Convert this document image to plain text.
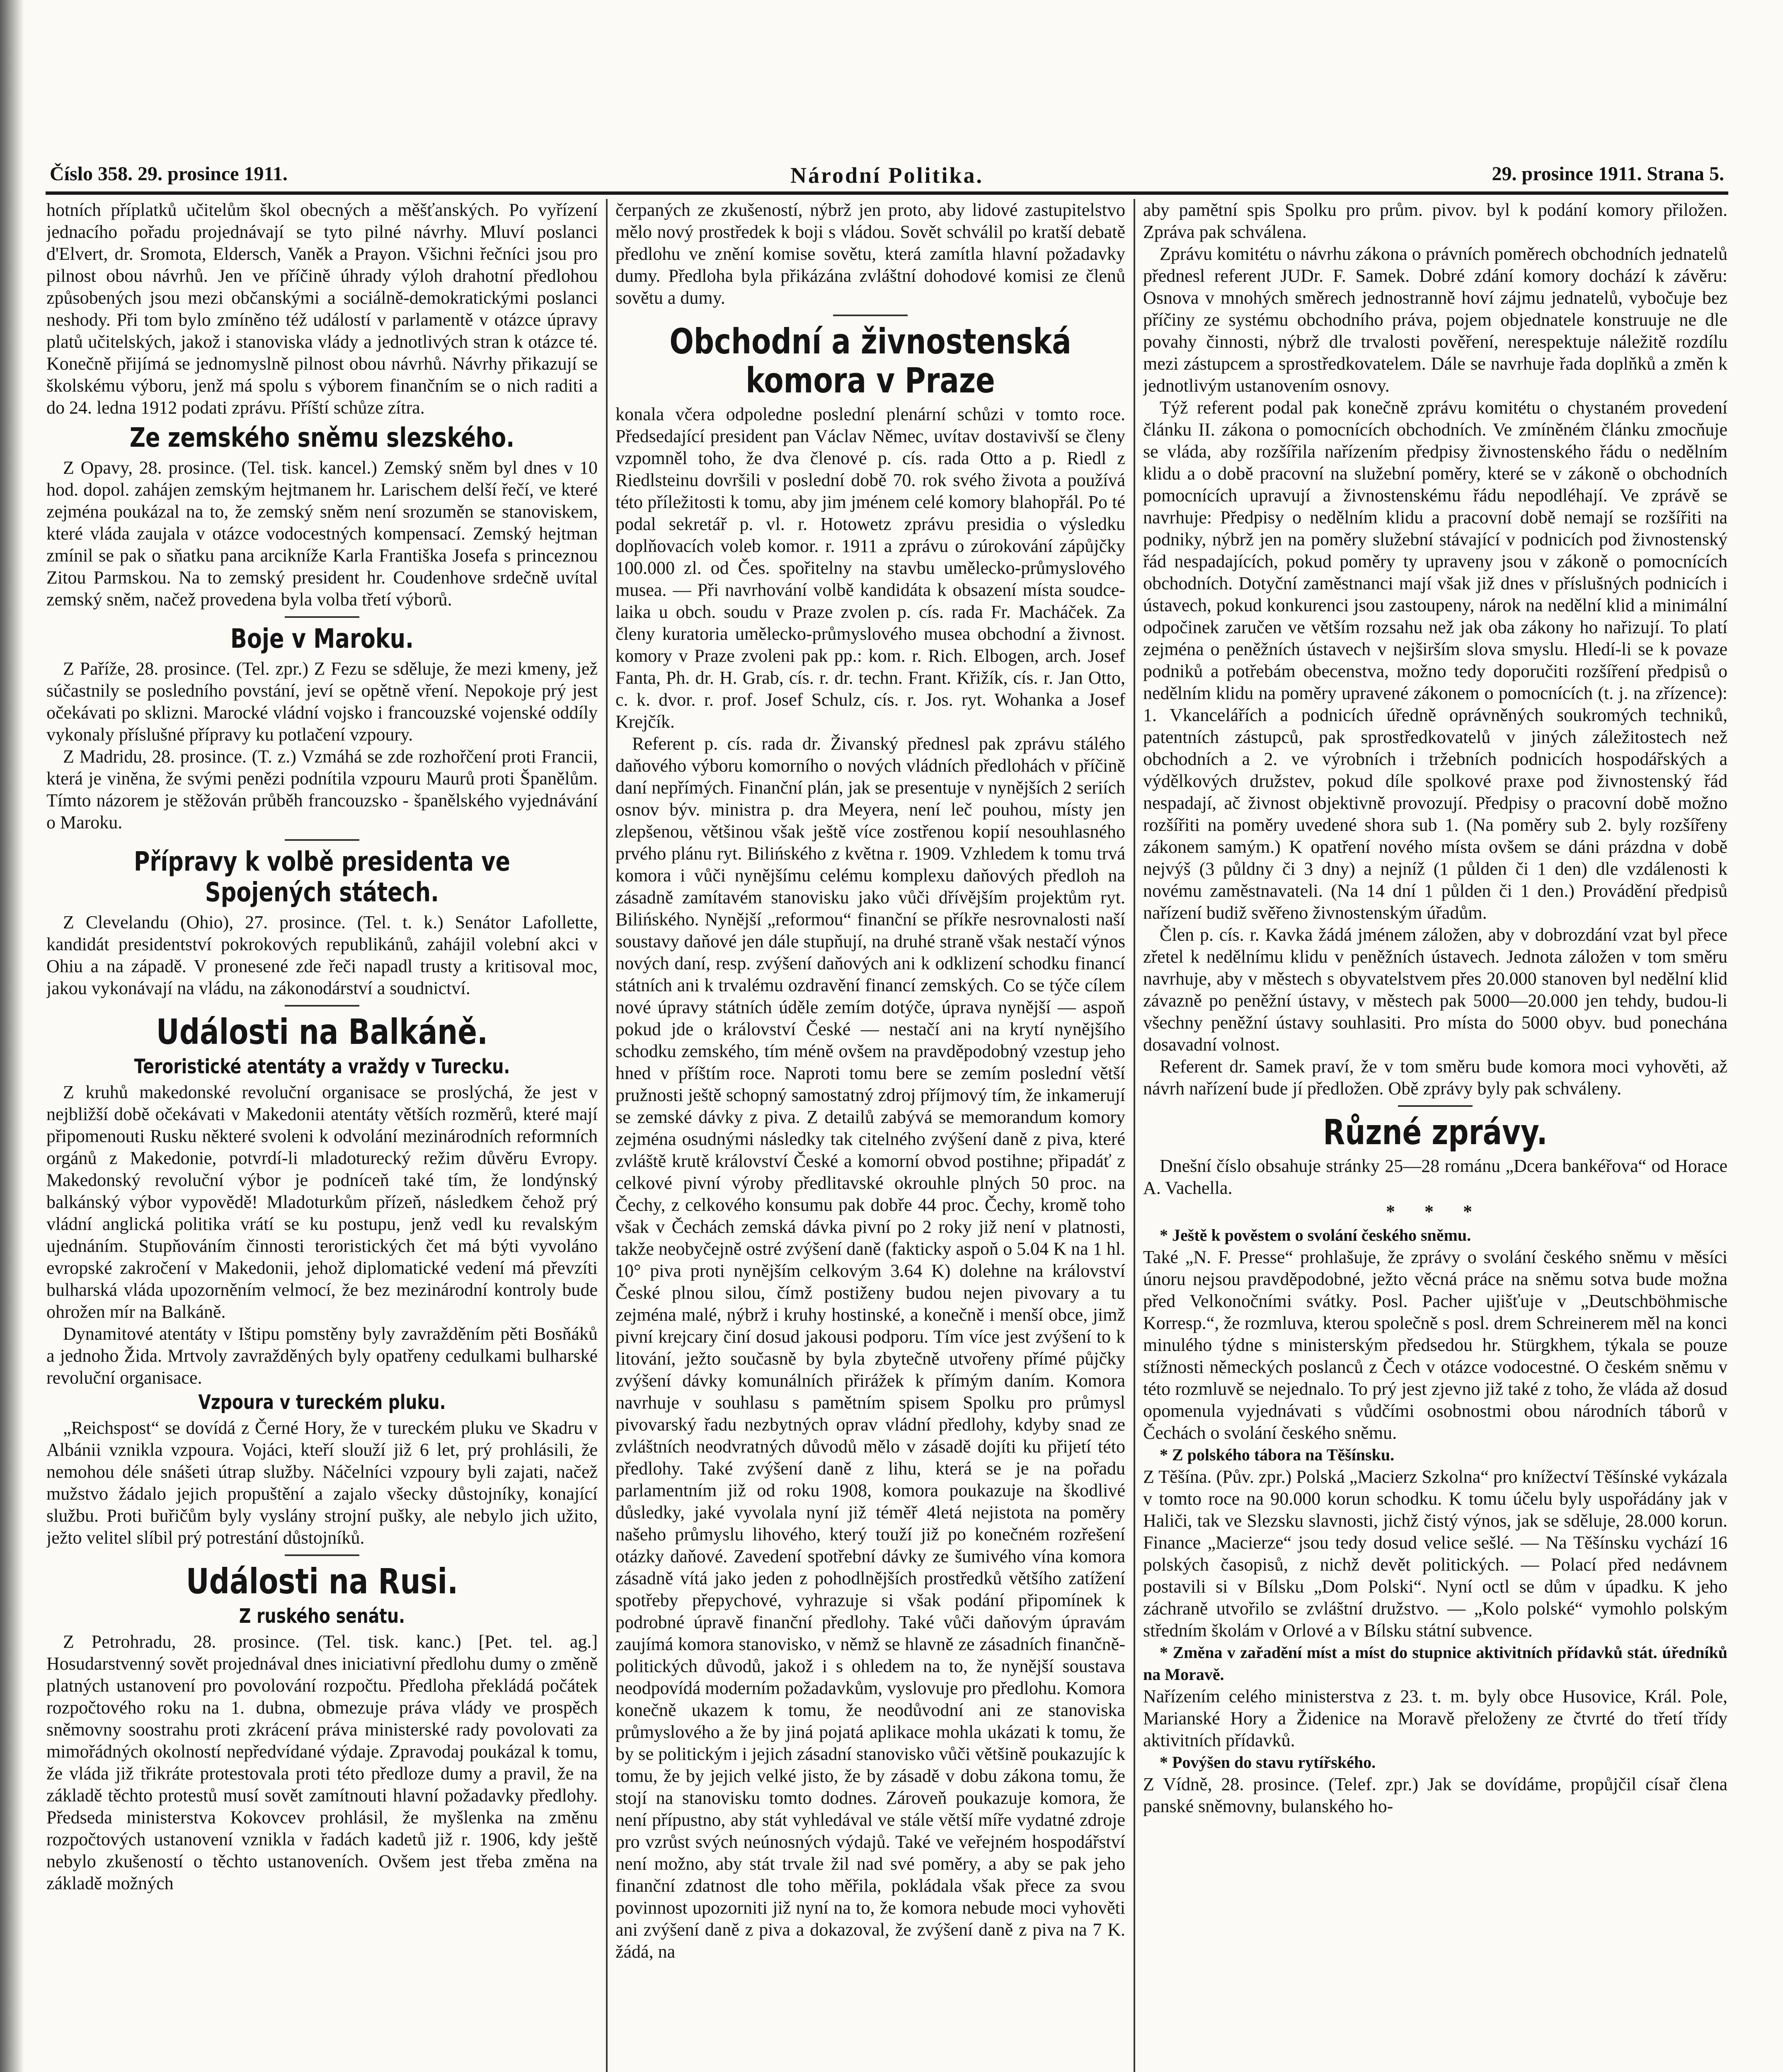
Národní Politika.
Číslo 358. 29. prosince 1911.	29. prosince 1911. Strana 5.

hotních příplatků učitelům škol obecných a měšťanských. Po vyřízení jednacího pořadu projednávají se tyto pilné návrhy. Mluví poslanci d'Elvert, dr. Sromota, Eldersch, Vaněk a Prayon. Všichni řečníci jsou pro pilnost obou návrhů. Jen ve příčině úhrady výloh drahotní předlohou způsobených jsou mezi občanskými a sociálně-demokratickými poslanci neshody. Při tom bylo zmíněno též událostí v parlamentě v otázce úpravy platů učitelských, jakož i stanoviska vlády a jednotlivých stran k otázce té. Konečně přijímá se jednomyslně pilnost obou návrhů. Návrhy přikazují se školskému výboru, jenž má spolu s výborem finančním se o nich raditi a do 24. ledna 1912 podati zprávu. Příští schůze zítra.

Ze zemského sněmu slezského.

Z Opavy, 28. prosince. (Tel. tisk. kancel.) Zemský sněm byl dnes v 10 hod. dopol. zahájen zemským hejtmanem hr. Larischem delší řečí, ve které zejména poukázal na to, že zemský sněm není srozuměn se stanoviskem, které vláda zaujala v otázce vodocestných kompensací. Zemský hejtman zmínil se pak o sňatku pana arcikníže Karla Františka Josefa s princeznou Zitou Parmskou. Na to zemský president hr. Coudenhove srdečně uvítal zemský sněm, načež provedena byla volba třetí výborů.

Boje v Maroku.

Z Paříže, 28. prosince. (Tel. zpr.) Z Fezu se sděluje, že mezi kmeny, jež súčastnily se posledního povstání, jeví se opětně vření. Nepokoje prý jest očekávati po sklizni. Marocké vládní vojsko i francouzské vojenské oddíly vykonaly příslušné přípravy ku potlačení vzpoury.

Z Madridu, 28. prosince. (T. z.) Vzmáhá se zde rozhořčení proti Francii, která je viněna, že svými penězi podnítila vzpouru Maurů proti Španělům. Tímto názorem je stěžován průběh francouzsko - španělského vyjednávání o Maroku.

Přípravy k volbě presidenta ve Spojených státech.

Z Clevelandu (Ohio), 27. prosince. (Tel. t. k.) Senátor Lafollette, kandidát presidentství pokrokových republikánů, zahájil volební akci v Ohiu a na západě. V pronesené zde řeči napadl trusty a kritisoval moc, jakou vykonávají na vládu, na zákonodárství a soudnictví.

Události na Balkáně.
Teroristické atentáty a vraždy v Turecku.

Z kruhů makedonské revoluční organisace se proslýchá, že jest v nejbližší době očekávati v Makedonii atentáty větších rozměrů, které mají připomenouti Rusku některé svoleni k odvolání mezinárodních reformních orgánů z Makedonie, potvrdí-li mladoturecký režim důvěru Evropy. Makedonský revoluční výbor je podníceň také tím, že londýnský balkánský výbor vypovědě! Mladoturkům přízeň, následkem čehož prý vládní anglická politika vrátí se ku postupu, jenž vedl ku revalským ujednáním. Stupňováním činnosti teroristických čet má býti vyvoláno evropské zakročení v Makedonii, jehož diplomatické vedení má převzíti bulharská vláda upozorněním velmocí, že bez mezinárodní kontroly bude ohrožen mír na Balkáně.

Dynamitové atentáty v Ištipu pomstěny byly zavražděním pěti Bosňáků a jednoho Žida. Mrtvoly zavražděných byly opatřeny cedulkami bulharské revoluční organisace.

Vzpoura v tureckém pluku.

„Reichspost“ se dovídá z Černé Hory, že v tureckém pluku ve Skadru v Albánii vznikla vzpoura. Vojáci, kteří slouží již 6 let, prý prohlásili, že nemohou déle snášeti útrap služby. Náčelníci vzpoury byli zajati, načež mužstvo žádalo jejich propuštění a zajalo všecky důstojníky, konající službu. Proti buřičům byly vyslány strojní pušky, ale nebylo jich užito, ježto velitel slíbil prý potrestání důstojníků.

Události na Rusi.
Z ruského senátu.

Z Petrohradu, 28. prosince. (Tel. tisk. kanc.) [Pet. tel. ag.] Hosudarstvenný sovět projednával dnes iniciativní předlohu dumy o změně platných ustanovení pro povolování rozpočtu. Předloha překládá počátek rozpočtového roku na 1. dubna, obmezuje práva vlády ve prospěch sněmovny soostrahu proti zkrácení práva ministerské rady povolovati za mimořádných okolností nepředvídané výdaje. Zpravodaj poukázal k tomu, že vláda již třikráte protestovala proti této předloze dumy a pravil, že na základě těchto protestů musí sovět zamítnouti hlavní požadavky předlohy. Předseda ministerstva Kokovcev prohlásil, že myšlenka na změnu rozpočtových ustanovení vznikla v řadách kadetů již r. 1906, kdy ještě nebylo zkušeností o těchto ustanoveních. Ovšem jest třeba změna na základě možných

čerpaných ze zkušeností, nýbrž jen proto, aby lidové zastupitelstvo mělo nový prostředek k boji s vládou. Sovět schválil po kratší debatě předlohu ve znění komise sovětu, která zamítla hlavní požadavky dumy. Předloha byla přikázána zvláštní dohodové komisi ze členů sovětu a dumy.

Obchodní a živnostenská komora v Praze

konala včera odpoledne poslední plenární schůzi v tomto roce. Předsedající president pan Václav Němec, uvítav dostavivší se členy vzpomněl toho, že dva členové p. cís. rada Otto a p. Riedl z Riedlsteinu dovršili v poslední době 70. rok svého života a používá této příležitosti k tomu, aby jim jménem celé komory blahopřál. Po té podal sekretář p. vl. r. Hotowetz zprávu presidia o výsledku doplňovacích voleb komor. r. 1911 a zprávu o zúrokování zápůjčky 100.000 zl. od Čes. spořitelny na stavbu umělecko-průmyslového musea. — Při navrhování volbě kandidáta k obsazení místa soudce-laika u obch. soudu v Praze zvolen p. cís. rada Fr. Macháček. Za členy kuratoria umělecko-průmyslového musea obchodní a živnost. komory v Praze zvoleni pak pp.: kom. r. Rich. Elbogen, arch. Josef Fanta, Ph. dr. H. Grab, cís. r. dr. techn. Frant. Křižík, cís. r. Jan Otto, c. k. dvor. r. prof. Josef Schulz, cís. r. Jos. ryt. Wohanka a Josef Krejčík.

Referent p. cís. rada dr. Živanský přednesl pak zprávu stálého daňového výboru komorního o nových vládních předlohách v příčině daní nepřímých. Finanční plán, jak se presentuje v nynějších 2 seriích osnov býv. ministra p. dra Meyera, není leč pouhou, místy jen zlepšenou, většinou však ještě více zostřenou kopií nesouhlasného prvého plánu ryt. Bilińského z května r. 1909. Vzhledem k tomu trvá komora i vůči nynějšímu celému komplexu daňových předloh na zásadně zamítavém stanovisku jako vůči dřívějším projektům ryt. Bilińského. Nynější „reformou“ finanční se příkře nesrovnalosti naší soustavy daňové jen dále stupňují, na druhé straně však nestačí výnos nových daní, resp. zvýšení daňových ani k odklizení schodku financí státních ani k trvalému ozdravění financí zemských. Co se týče cílem nové úpravy státních úděle zemím dotýče, úprava nynější — aspoň pokud jde o království České — nestačí ani na krytí nynějšího schodku zemského, tím méně ovšem na pravděpodobný vzestup jeho hned v příštím roce. Naproti tomu bere se zemím poslední větší pružnosti ještě schopný samostatný zdroj příjmový tím, že inkamerují se zemské dávky z piva. Z detailů zabývá se memorandum komory zejména osudnými následky tak citelného zvýšení daně z piva, které zvláště krutě království České a komorní obvod postihne; připadáť z celkové pivní výroby předlitavské okrouhle plných 50 proc. na Čechy, z celkového konsumu pak dobře 44 proc. Čechy, kromě toho však v Čechách zemská dávka pivní po 2 roky již není v platnosti, takže neobyčejně ostré zvýšení daně (fakticky aspoň o 5.04 K na 1 hl. 10° piva proti nynějším celkovým 3.64 K) dolehne na království České plnou silou, čímž postiženy budou nejen pivovary a tu zejména malé, nýbrž i kruhy hostinské, a konečně i menší obce, jimž pivní krejcary činí dosud jakousi podporu. Tím více jest zvýšení to k litování, ježto současně by byla zbytečně utvořeny přímé půjčky zvýšení dávky komunálních přirážek k přímým daním. Komora navrhuje v souhlasu s pamětním spisem Spolku pro průmysl pivovarský řadu nezbytných oprav vládní předlohy, kdyby snad ze zvláštních neodvratných důvodů mělo v zásadě dojíti ku přijetí této předlohy. Také zvýšení daně z lihu, která se je na pořadu parlamentním již od roku 1908, komora poukazuje na škodlivé důsledky, jaké vyvolala nyní již téměř 4letá nejistota na poměry našeho průmyslu lihového, který touží již po konečném rozřešení otázky daňové. Zavedení spotřební dávky ze šumivého vína komora zásadně vítá jako jeden z pohodlnějších prostředků většího zatížení spotřeby přepychové, vyhrazuje si však podání připomínek k podrobné úpravě finanční předlohy. Také vůči daňovým úpravám zaujímá komora stanovisko, v němž se hlavně ze zásadních finančně-politických důvodů, jakož i s ohledem na to, že nynější soustava neodpovídá moderním požadavkům, vyslovuje pro předlohu. Komora konečně ukazem k tomu, že neodůvodní ani ze stanoviska průmyslového a že by jiná pojatá aplikace mohla ukázati k tomu, že by se politickým i jejich zásadní stanovisko vůči většině poukazujíc k tomu, že by jejich velké jisto, že by zásadě v dobu zákona tomu, že stojí na stanovisku tomto dodnes. Zároveň poukazuje komora, že není přípustno, aby stát vyhledával ve stále větší míře vydatné zdroje pro vzrůst svých neúnosných výdajů. Také ve veřejném hospodářství není možno, aby stát trvale žil nad své poměry, a aby se pak jeho finanční zdatnost dle toho měřila, pokládala však přece za svou povinnost upozorniti již nyní na to, že komora nebude moci vyhověti ani zvýšení daně z piva a dokazoval, že zvýšení daně z piva na 7 K. žádá, na

aby pamětní spis Spolku pro prům. pivov. byl k podání komory přiložen. Zpráva pak schválena.

Zprávu komitétu o návrhu zákona o právních poměrech obchodních jednatelů přednesl referent JUDr. F. Samek. Dobré zdání komory dochází k závěru: Osnova v mnohých směrech jednostranně hoví zájmu jednatelů, vybočuje bez příčiny ze systému obchodního práva, pojem objednatele konstruuje ne dle povahy činnosti, nýbrž dle trvalosti pověření, nerespektuje náležitě rozdílu mezi zástupcem a sprostředkovatelem. Dále se navrhuje řada doplňků a změn k jednotlivým ustanovením osnovy.

Týž referent podal pak konečně zprávu komitétu o chystaném provedení článku II. zákona o pomocnících obchodních. Ve zmíněném článku zmocňuje se vláda, aby rozšířila nařízením předpisy živnostenského řádu o nedělním klidu a o době pracovní na služební poměry, které se v zákoně o obchodních pomocnících upravují a živnostenskému řádu nepodléhají. Ve zprávě se navrhuje: Předpisy o nedělním klidu a pracovní době nemají se rozšířiti na podniky, nýbrž jen na poměry služební stávající v podnicích pod živnostenský řád nespadajících, pokud poměry ty upraveny jsou v zákoně o pomocnících obchodních. Dotyční zaměstnanci mají však již dnes v příslušných podnicích i ústavech, pokud konkurenci jsou zastoupeny, nárok na nedělní klid a minimální odpočinek zaručen ve větším rozsahu než jak oba zákony ho nařizují. To platí zejména o peněžních ústavech v nejširším slova smyslu. Hledí-li se k povaze podniků a potřebám obecenstva, možno tedy doporučiti rozšíření předpisů o nedělním klidu na poměry upravené zákonem o pomocnících (t. j. na zřízence): 1. Vkancelářích a podnicích úředně oprávněných soukromých techniků, patentních zástupců, pak sprostředkovatelů v jiných záležitostech než obchodních a 2. ve výrobních i tržebních podnicích hospodářských a výdělkových družstev, pokud díle spolkové praxe pod živnostenský řád nespadají, ač živnost objektivně provozují. Předpisy o pracovní době možno rozšířiti na poměry uvedené shora sub 1. (Na poměry sub 2. byly rozšířeny zákonem samým.) K opatření nového místa ovšem se dáni prázdna v době nejvýš (3 půldny či 3 dny) a nejníž (1 půlden či 1 den) dle vzdálenosti k novému zaměstnavateli. (Na 14 dní 1 půlden či 1 den.) Provádění předpisů nařízení budiž svěřeno živnostenským úřadům.

Člen p. cís. r. Kavka žádá jménem záložen, aby v dobrozdání vzat byl přece zřetel k nedělnímu klidu v peněžních ústavech. Jednota záložen v tom směru navrhuje, aby v městech s obyvatelstvem přes 20.000 stanoven byl nedělní klid závazně po peněžní ústavy, v městech pak 5000—20.000 jen tehdy, budou-li všechny peněžní ústavy souhlasiti. Pro místa do 5000 obyv. bud ponechána dosavadní volnost.

Referent dr. Samek praví, že v tom směru bude komora moci vyhověti, až návrh nařízení bude jí předložen. Obě zprávy byly pak schváleny.

Různé zprávy.

Dnešní číslo obsahuje stránky 25—28 románu „Dcera bankéřova“ od Horace A. Vachella.

* * *

* Ještě k pověstem o svolání českého sněmu.

Také „N. F. Presse“ prohlašuje, že zprávy o svolání českého sněmu v měsíci únoru nejsou pravděpodobné, ježto věcná práce na sněmu sotva bude možna před Velkonočními svátky. Posl. Pacher ujišťuje v „Deutschböhmische Korresp.“, že rozmluva, kterou společně s posl. drem Schreinerem měl na konci minulého týdne s ministerským předsedou hr. Stürgkhem, týkala se pouze stížnosti německých poslanců z Čech v otázce vodocestné. O českém sněmu v této rozmluvě se nejednalo. To prý jest zjevno již také z toho, že vláda až dosud opomenula vyjednávati s vůdčími osobnostmi obou národních táborů v Čechách o svolání českého sněmu.

* Z polského tábora na Těšínsku.

Z Těšína. (Pův. zpr.) Polská „Macierz Szkolna“ pro knížectví Těšínské vykázala v tomto roce na 90.000 korun schodku. K tomu účelu byly uspořádány jak v Haliči, tak ve Slezsku slavnosti, jichž čistý výnos, jak se sděluje, 28.000 korun. Finance „Macierze“ jsou tedy dosud velice sešlé. — Na Těšínsku vychází 16 polských časopisů, z nichž devět politických. — Polací před nedávnem postavili si v Bílsku „Dom Polski“. Nyní octl se dům v úpadku. K jeho záchraně utvořilo se zvláštní družstvo. — „Kolo polské“ vymohlo polským středním školám v Orlové a v Bílsku státní subvence.

* Změna v zařadění míst a míst do stupnice aktivitních přídavků stát. úředníků na Moravě.

Nařízením celého ministerstva z 23. t. m. byly obce Husovice, Král. Pole, Marianské Hory a Židenice na Moravě přeloženy ze čtvrté do třetí třídy aktivitních přídavků.

* Povýšen do stavu rytířského.

Z Vídně, 28. prosince. (Telef. zpr.) Jak se dovídáme, propůjčil císař člena panské sněmovny, bulanského ho-
